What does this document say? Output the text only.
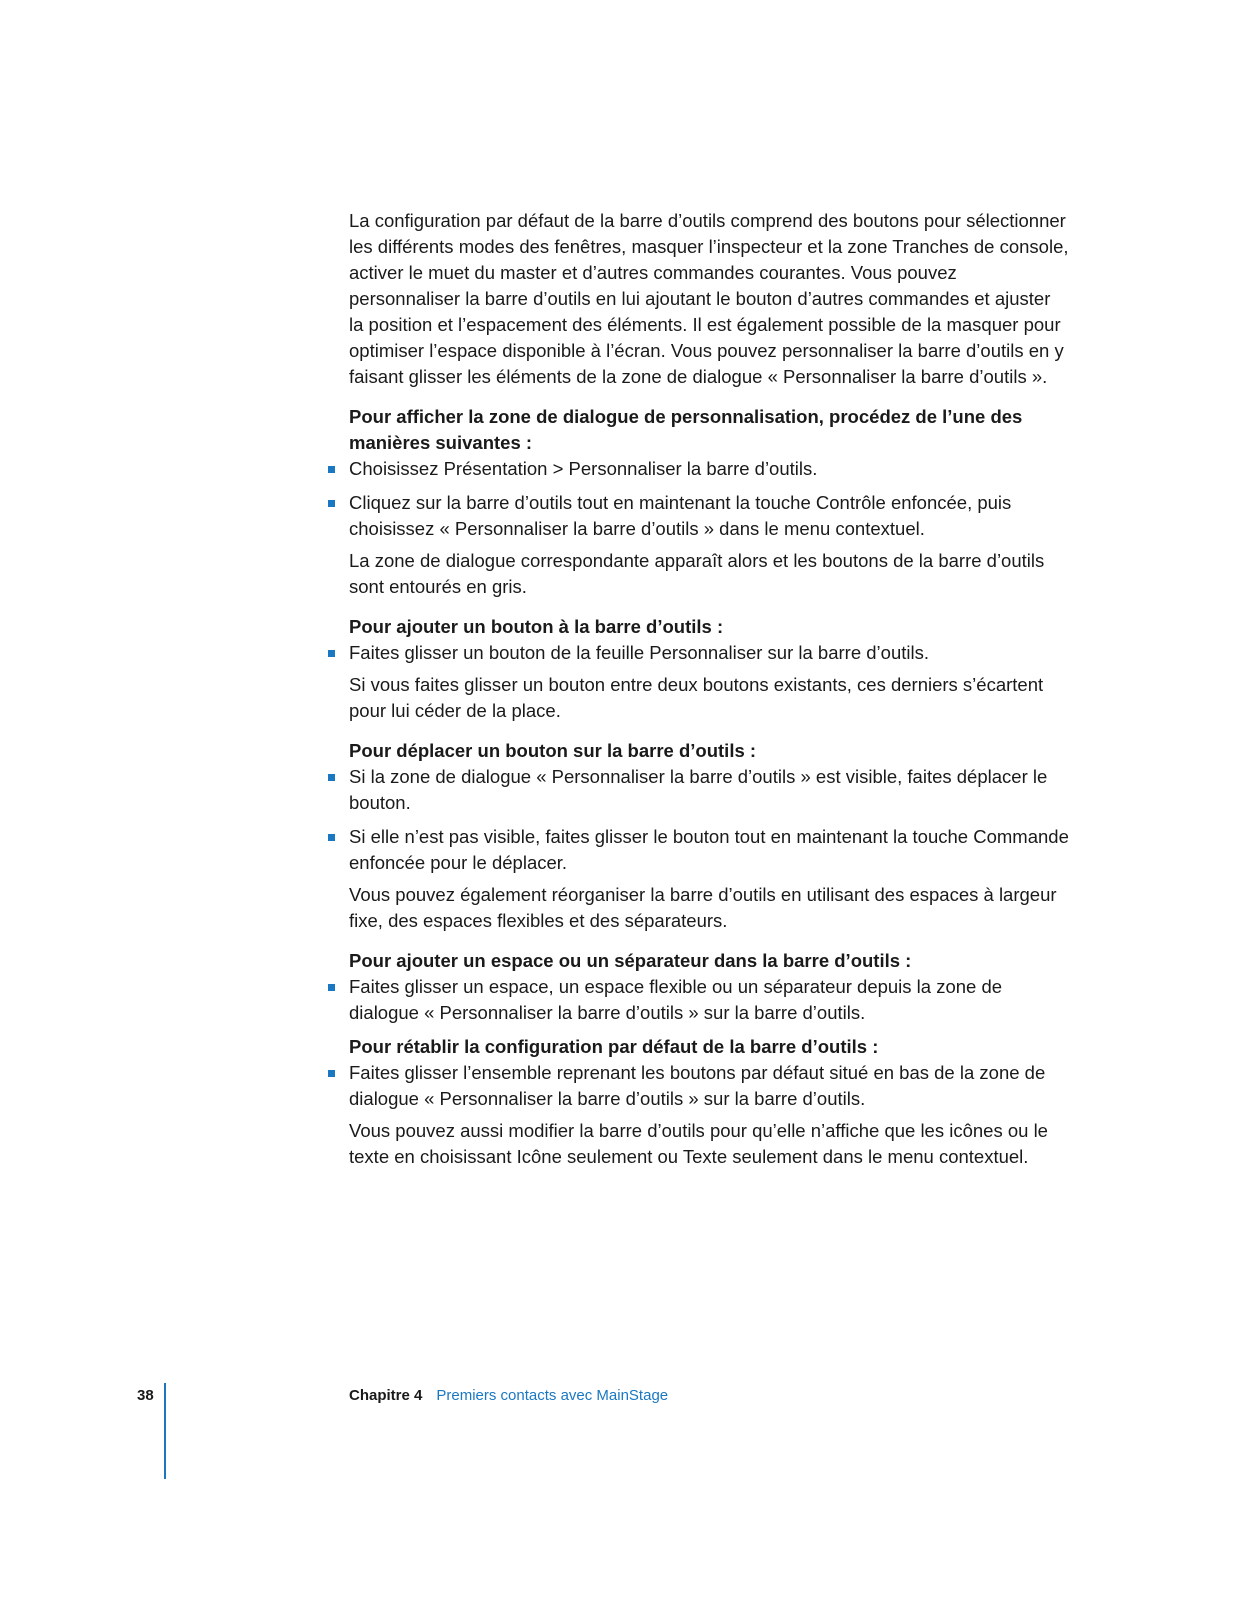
La configuration par défaut de la barre d’outils comprend des boutons pour sélectionner les différents modes des fenêtres, masquer l’inspecteur et la zone Tranches de console, activer le muet du master et d’autres commandes courantes. Vous pouvez personnaliser la barre d’outils en lui ajoutant le bouton d’autres commandes et ajuster la position et l’espacement des éléments. Il est également possible de la masquer pour optimiser l’espace disponible à l’écran. Vous pouvez personnaliser la barre d’outils en y faisant glisser les éléments de la zone de dialogue « Personnaliser la barre d’outils ».

Pour afficher la zone de dialogue de personnalisation, procédez de l’une des manières suivantes :

Choisissez Présentation > Personnaliser la barre d’outils.
Cliquez sur la barre d’outils tout en maintenant la touche Contrôle enfoncée, puis choisissez « Personnaliser la barre d’outils » dans le menu contextuel.

La zone de dialogue correspondante apparaît alors et les boutons de la barre d’outils sont entourés en gris.

Pour ajouter un bouton à la barre d’outils :

Faites glisser un bouton de la feuille Personnaliser sur la barre d’outils.

Si vous faites glisser un bouton entre deux boutons existants, ces derniers s’écartent pour lui céder de la place.

Pour déplacer un bouton sur la barre d’outils :

Si la zone de dialogue « Personnaliser la barre d’outils » est visible, faites déplacer le bouton.
Si elle n’est pas visible, faites glisser le bouton tout en maintenant la touche Commande enfoncée pour le déplacer.

Vous pouvez également réorganiser la barre d’outils en utilisant des espaces à largeur fixe, des espaces flexibles et des séparateurs.

Pour ajouter un espace ou un séparateur dans la barre d’outils :

Faites glisser un espace, un espace flexible ou un séparateur depuis la zone de dialogue « Personnaliser la barre d’outils » sur la barre d’outils.

Pour rétablir la configuration par défaut de la barre d’outils :

Faites glisser l’ensemble reprenant les boutons par défaut situé en bas de la zone de dialogue « Personnaliser la barre d’outils » sur la barre d’outils.

Vous pouvez aussi modifier la barre d’outils pour qu’elle n’affiche que les icônes ou le texte en choisissant Icône seulement ou Texte seulement dans le menu contextuel.

38	Chapitre 4 Premiers contacts avec MainStage
